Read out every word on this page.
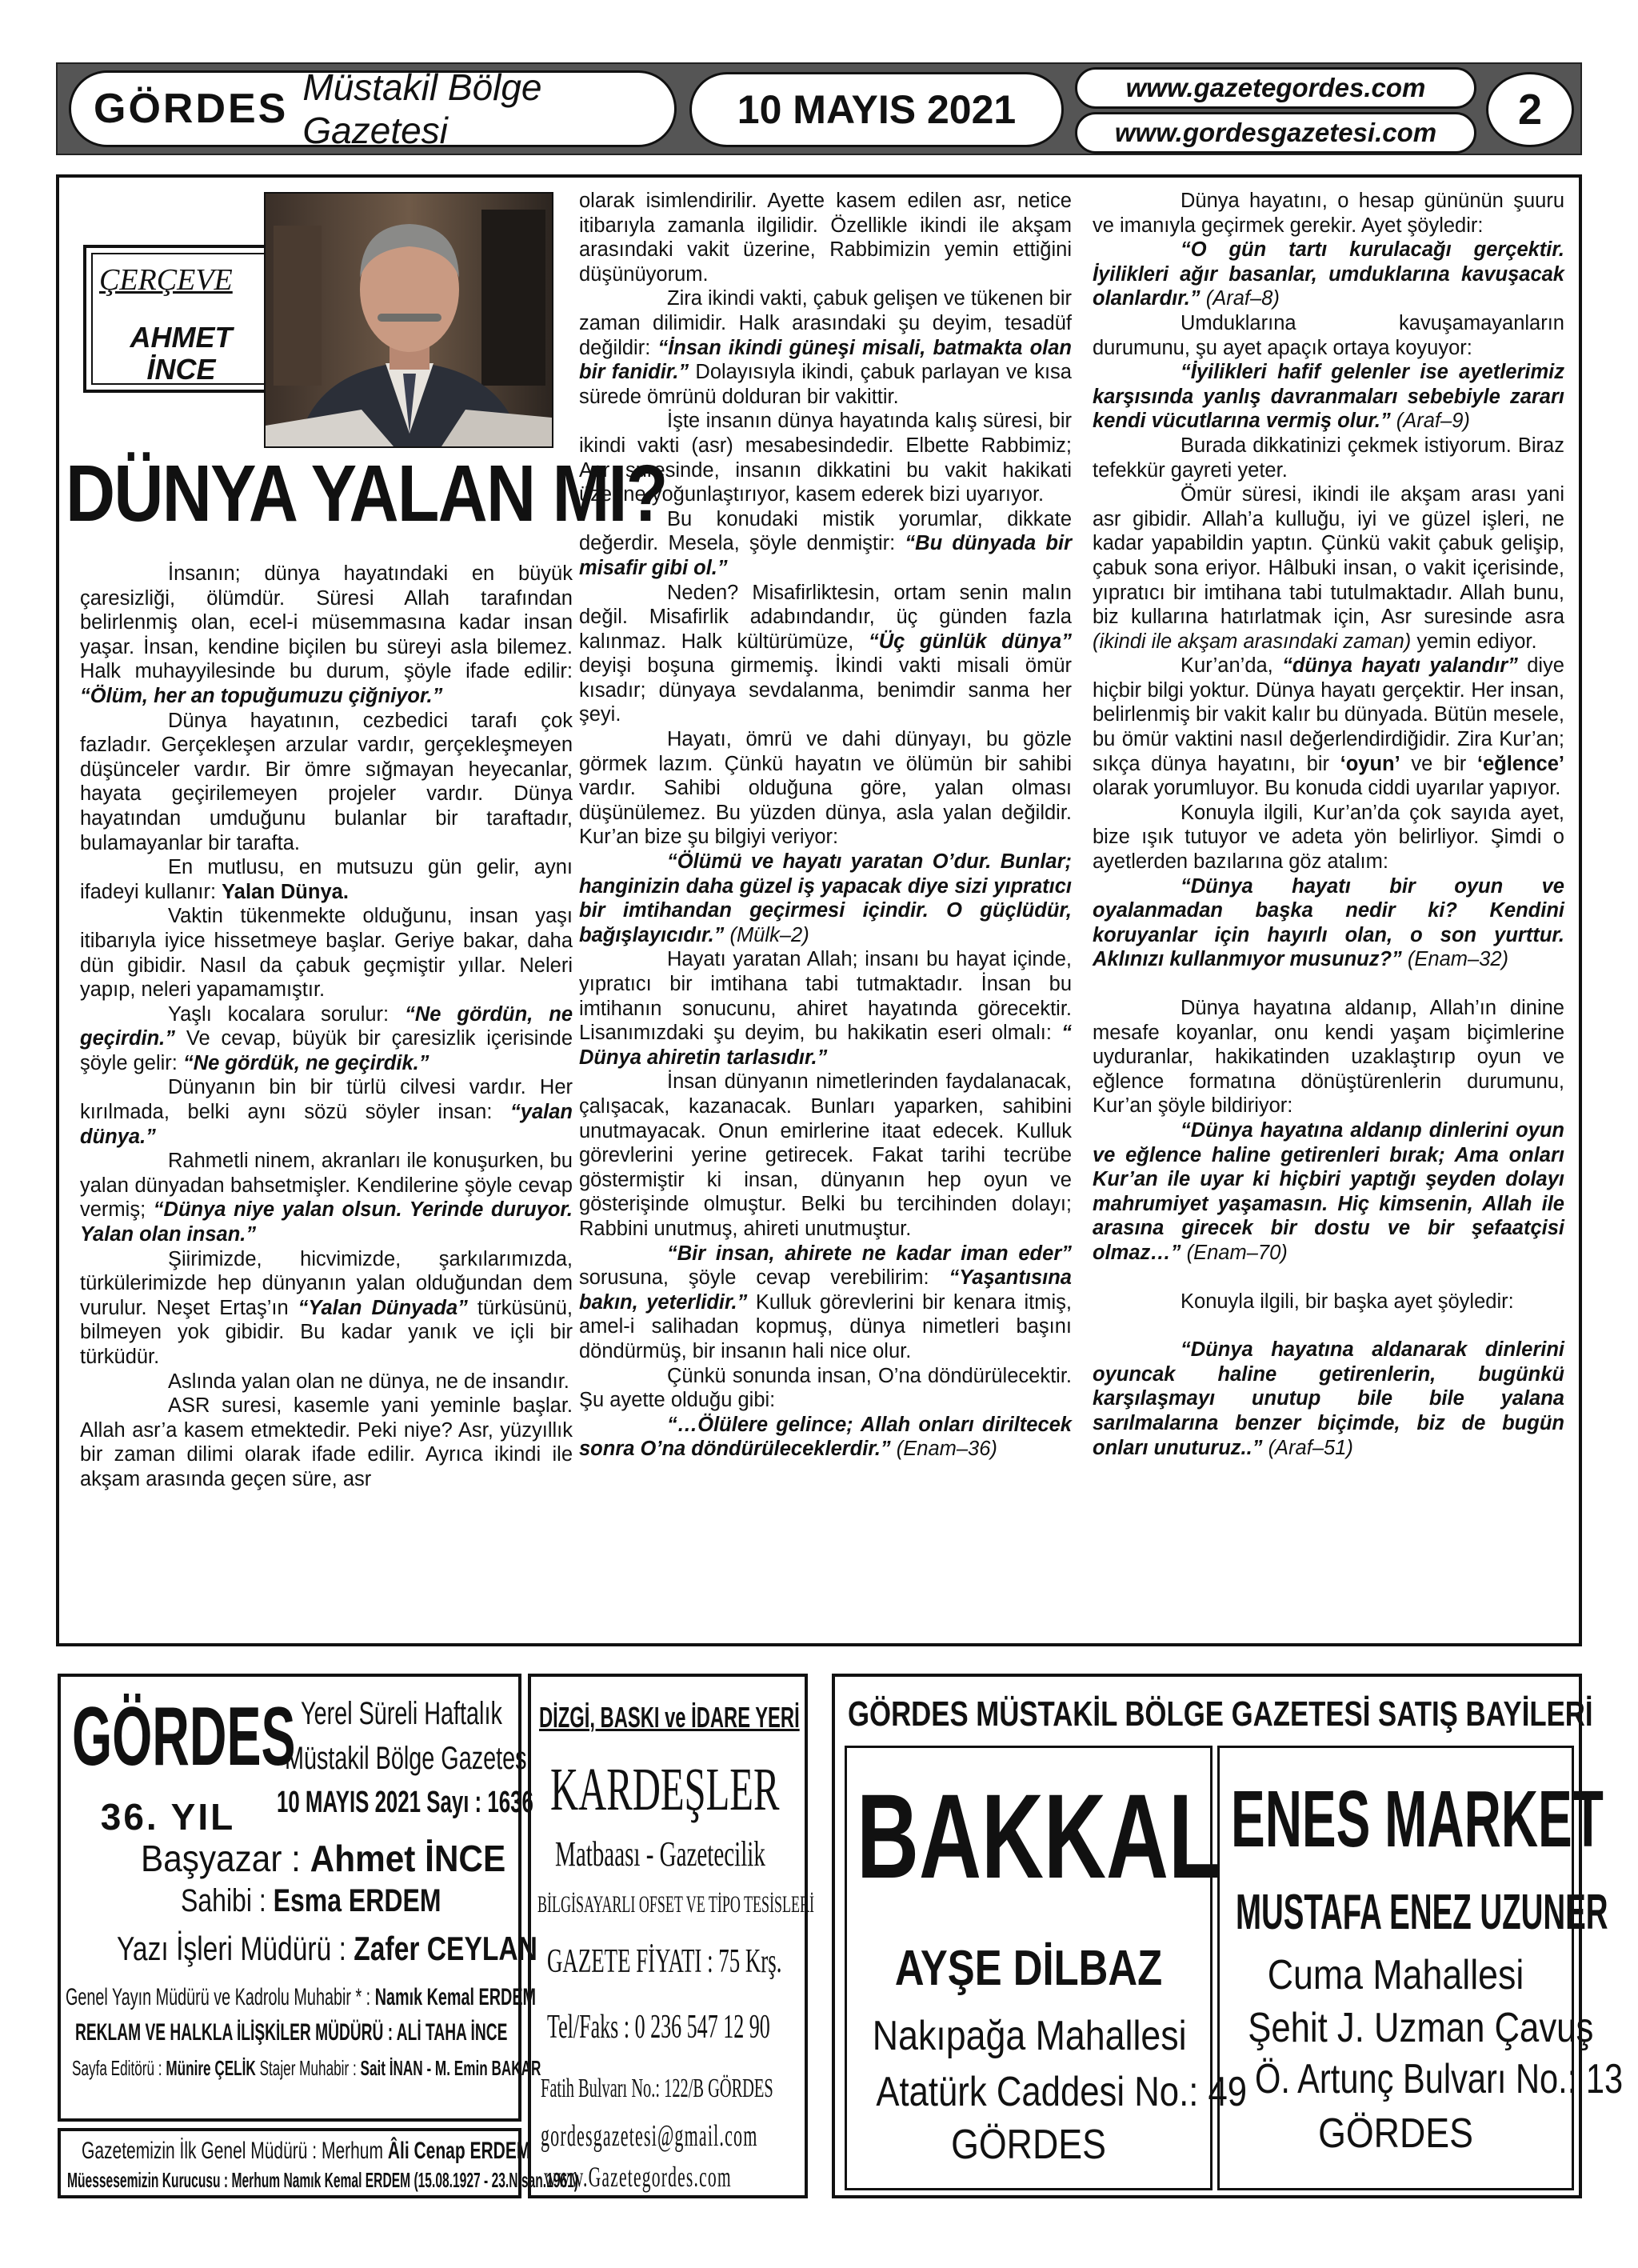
GÖRDES Müstakil Bölge Gazetesi	10 MAYIS 2021	www.gazetegordes.com
www.gordesgazetesi.com	2
ÇERÇEVE
AHMET
İNCE
DÜNYA YALAN MI?

İnsanın; dünya hayatındaki en büyük çaresizliği, ölümdür. Süresi Allah tarafından belirlenmiş olan, ecel-i müsemmasına kadar insan yaşar. İnsan, kendine biçilen bu süreyi asla bilemez. Halk muhayyilesinde bu durum, şöyle ifade edilir: “Ölüm, her an topuğumuzu çiğniyor.”

Dünya hayatının, cezbedici tarafı çok fazladır. Gerçekleşen arzular vardır, gerçekleşmeyen düşünceler vardır. Bir ömre sığmayan heyecanlar, hayata geçirilemeyen projeler vardır. Dünya hayatından umduğunu bulanlar bir taraftadır, bulamayanlar bir tarafta.

En mutlusu, en mutsuzu gün gelir, aynı ifadeyi kullanır: Yalan Dünya.

Vaktin tükenmekte olduğunu, insan yaşı itibarıyla iyice hissetmeye başlar. Geriye bakar, daha dün gibidir. Nasıl da çabuk geçmiştir yıllar. Neleri yapıp, neleri yapamamıştır.

Yaşlı kocalara sorulur: “Ne gördün, ne geçirdin.” Ve cevap, büyük bir çaresizlik içerisinde şöyle gelir: “Ne gördük, ne geçirdik.”

Dünyanın bin bir türlü cilvesi vardır. Her kırılmada, belki aynı sözü söyler insan: “yalan dünya.”

Rahmetli ninem, akranları ile konuşurken, bu yalan dünyadan bahsetmişler. Kendilerine şöyle cevap vermiş; “Dünya niye yalan olsun. Yerinde duruyor. Yalan olan insan.”

Şiirimizde, hicvimizde, şarkılarımızda, türkülerimizde hep dünyanın yalan olduğundan dem vurulur. Neşet Ertaş’ın “Yalan Dünyada” türküsünü, bilmeyen yok gibidir. Bu kadar yanık ve içli bir türküdür.

Aslında yalan olan ne dünya, ne de insandır.

ASR suresi, kasemle yani yeminle başlar. Allah asr’a kasem etmektedir. Peki niye? Asr, yüzyıllık bir zaman dilimi olarak ifade edilir. Ayrıca ikindi ile akşam arasında geçen süre, asr

olarak isimlendirilir. Ayette kasem edilen asr, netice itibarıyla zamanla ilgilidir. Özellikle ikindi ile akşam arasındaki vakit üzerine, Rabbimizin yemin ettiğini düşünüyorum.

Zira ikindi vakti, çabuk gelişen ve tükenen bir zaman dilimidir. Halk arasındaki şu deyim, tesadüf değildir: “İnsan ikindi güneşi misali, batmakta olan bir fanidir.” Dolayısıyla ikindi, çabuk parlayan ve kısa sürede ömrünü dolduran bir vakittir.

İşte insanın dünya hayatında kalış süresi, bir ikindi vakti (asr) mesabesindedir. Elbette Rabbimiz; Asr suresinde, insanın dikkatini bu vakit hakikati üzerine yoğunlaştırıyor, kasem ederek bizi uyarıyor.

Bu konudaki mistik yorumlar, dikkate değerdir. Mesela, şöyle denmiştir: “Bu dünyada bir misafir gibi ol.”

Neden? Misafirliktesin, ortam senin malın değil. Misafirlik adabındandır, üç günden fazla kalınmaz. Halk kültürümüze, “Üç günlük dünya” deyişi boşuna girmemiş. İkindi vakti misali ömür kısadır; dünyaya sevdalanma, benimdir sanma her şeyi.

Hayatı, ömrü ve dahi dünyayı, bu gözle görmek lazım. Çünkü hayatın ve ölümün bir sahibi vardır. Sahibi olduğuna göre, yalan olması düşünülemez. Bu yüzden dünya, asla yalan değildir. Kur’an bize şu bilgiyi veriyor:

“Ölümü ve hayatı yaratan O’dur. Bunlar; hanginizin daha güzel iş yapacak diye sizi yıpratıcı bir imtihandan geçirmesi içindir. O güçlüdür, bağışlayıcıdır.” (Mülk–2)

Hayatı yaratan Allah; insanı bu hayat içinde, yıpratıcı bir imtihana tabi tutmaktadır. İnsan bu imtihanın sonucunu, ahiret hayatında görecektir. Lisanımızdaki şu deyim, bu hakikatin eseri olmalı: “ Dünya ahiretin tarlasıdır.”

İnsan dünyanın nimetlerinden faydalanacak, çalışacak, kazanacak. Bunları yaparken, sahibini unutmayacak. Onun emirlerine itaat edecek. Kulluk görevlerini yerine getirecek. Fakat tarihi tecrübe göstermiştir ki insan, dünyanın hep oyun ve gösterişinde olmuştur. Belki bu tercihinden dolayı; Rabbini unutmuş, ahireti unutmuştur.

“Bir insan, ahirete ne kadar iman eder” sorusuna, şöyle cevap verebilirim: “Yaşantısına bakın, yeterlidir.” Kulluk görevlerini bir kenara itmiş, amel-i salihadan kopmuş, dünya nimetleri başını döndürmüş, bir insanın hali nice olur.

Çünkü sonunda insan, O’na döndürülecektir. Şu ayette olduğu gibi:

“…Ölülere gelince; Allah onları diriltecek sonra O’na döndürüleceklerdir.” (Enam–36)

Dünya hayatını, o hesap gününün şuuru ve imanıyla geçirmek gerekir. Ayet şöyledir:

“O gün tartı kurulacağı gerçektir. İyilikleri ağır basanlar, umduklarına kavuşacak olanlardır.” (Araf–8)

Umduklarına kavuşamayanların durumunu, şu ayet apaçık ortaya koyuyor:

“İyilikleri hafif gelenler ise ayetlerimiz karşısında yanlış davranmaları sebebiyle zararı kendi vücutlarına vermiş olur.” (Araf–9)

Burada dikkatinizi çekmek istiyorum. Biraz tefekkür gayreti yeter.

Ömür süresi, ikindi ile akşam arası yani asr gibidir. Allah’a kulluğu, iyi ve güzel işleri, ne kadar yapabildin yaptın. Çünkü vakit çabuk gelişip, çabuk sona eriyor. Hâlbuki insan, o vakit içerisinde, yıpratıcı bir imtihana tabi tutulmaktadır. Allah bunu, biz kullarına hatırlatmak için, Asr suresinde asra (ikindi ile akşam arasındaki zaman) yemin ediyor.

Kur’an’da, “dünya hayatı yalandır” diye hiçbir bilgi yoktur. Dünya hayatı gerçektir. Her insan, belirlenmiş bir vakit kalır bu dünyada. Bütün mesele, bu ömür vaktini nasıl değerlendirdiğidir. Zira Kur’an; sıkça dünya hayatını, bir ‘oyun’ ve bir ‘eğlence’ olarak yorumluyor. Bu konuda ciddi uyarılar yapıyor.

Konuyla ilgili, Kur’an’da çok sayıda ayet, bize ışık tutuyor ve adeta yön belirliyor. Şimdi o ayetlerden bazılarına göz atalım:

“Dünya hayatı bir oyun ve oyalanmadan başka nedir ki? Kendini koruyanlar için hayırlı olan, o son yurttur. Aklınızı kullanmıyor musunuz?” (Enam–32)

Dünya hayatına aldanıp, Allah’ın dinine mesafe koyanlar, onu kendi yaşam biçimlerine uyduranlar, hakikatinden uzaklaştırıp oyun ve eğlence formatına dönüştürenlerin durumunu, Kur’an şöyle bildiriyor:

“Dünya hayatına aldanıp dinlerini oyun ve eğlence haline getirenleri bırak; Ama onları Kur’an ile uyar ki hiçbiri yaptığı şeyden dolayı mahrumiyet yaşamasın. Hiç kimsenin, Allah ile arasına girecek bir dostu ve bir şefaatçisi olmaz…” (Enam–70)

Konuyla ilgili, bir başka ayet şöyledir:

“Dünya hayatına aldanarak dinlerini oyuncak haline getirenlerin, bugünkü karşılaşmayı unutup bile bile yalana sarılmalarına benzer biçimde, biz de bugün onları unuturuz..” (Araf–51)

GÖRDES
36. YIL
Yerel Süreli Haftalık
Müstakil Bölge Gazetesi
10 MAYIS 2021 Sayı : 1636
Başyazar : Ahmet İNCE
Sahibi : Esma ERDEM
Yazı İşleri Müdürü : Zafer CEYLAN
Genel Yayın Müdürü ve Kadrolu Muhabir * : Namık Kemal ERDEM
REKLAM VE HALKLA İLİŞKİLER MÜDÜRÜ : ALİ TAHA İNCE
Sayfa Editörü : Münire ÇELİK Stajer Muhabir : Sait İNAN - M. Emin BAKAR
Gazetemizin İlk Genel Müdürü : Merhum Âli Cenap ERDEM
Müessesemizin Kurucusu : Merhum Namık Kemal ERDEM (15.08.1927 - 23.Nisan.1961)
DİZGİ, BASKI ve İDARE YERİ
KARDEŞLER
Matbaası - Gazetecilik
BİLGİSAYARLI OFSET VE TİPO TESİSLERİ
GAZETE FİYATI : 75 Krş.
Tel/Faks : 0 236 547 12 90
Fatih Bulvarı No.: 122/B GÖRDES
gordesgazetesi@gmail.com
www.Gazetegordes.com
GÖRDES MÜSTAKİL BÖLGE GAZETESİ SATIŞ BAYİLERİ
BAKKAL
AYŞE DİLBAZ
Nakıpağa Mahallesi
Atatürk Caddesi No.: 49
GÖRDES
ENES MARKET
MUSTAFA ENEZ UZUNER
Cuma Mahallesi
Şehit J. Uzman Çavuş
Ö. Artunç Bulvarı No.: 13
GÖRDES
